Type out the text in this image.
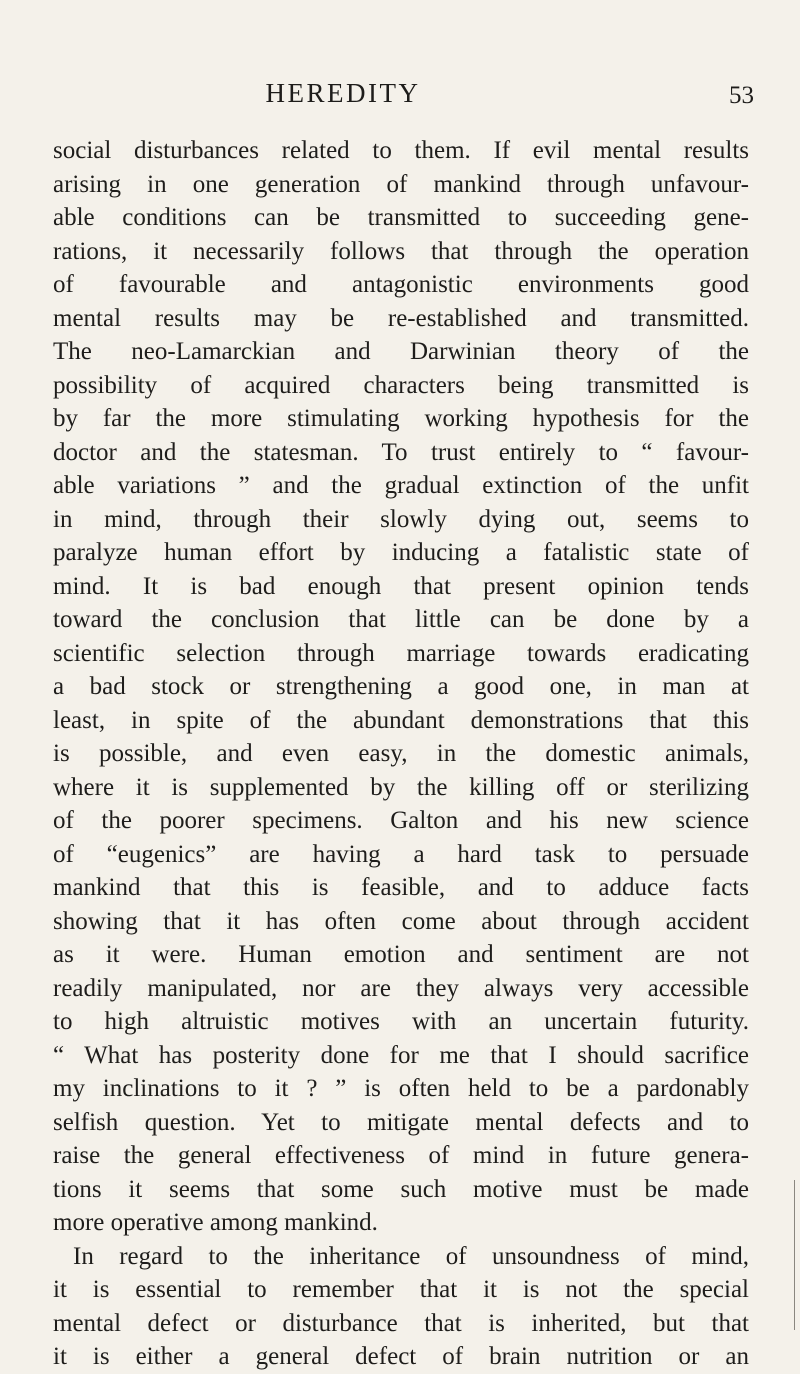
HEREDITY	53
social disturbances related to them. If evil mental results
arising in one generation of mankind through unfavour-
able conditions can be transmitted to succeeding gene-
rations, it necessarily follows that through the operation
of favourable and antagonistic environments good
mental results may be re-established and transmitted.
The neo-Lamarckian and Darwinian theory of the
possibility of acquired characters being transmitted is
by far the more stimulating working hypothesis for the
doctor and the statesman. To trust entirely to “ favour-
able variations ” and the gradual extinction of the unfit
in mind, through their slowly dying out, seems to
paralyze human effort by inducing a fatalistic state of
mind. It is bad enough that present opinion tends
toward the conclusion that little can be done by a
scientific selection through marriage towards eradicating
a bad stock or strengthening a good one, in man at
least, in spite of the abundant demonstrations that this
is possible, and even easy, in the domestic animals,
where it is supplemented by the killing off or sterilizing
of the poorer specimens. Galton and his new science
of “eugenics” are having a hard task to persuade
mankind that this is feasible, and to adduce facts
showing that it has often come about through accident
as it were. Human emotion and sentiment are not
readily manipulated, nor are they always very accessible
to high altruistic motives with an uncertain futurity.
“ What has posterity done for me that I should sacrifice
my inclinations to it ? ” is often held to be a pardonably
selfish question. Yet to mitigate mental defects and to
raise the general effectiveness of mind in future genera-
tions it seems that some such motive must be made
more operative among mankind.
In regard to the inheritance of unsoundness of mind,
it is essential to remember that it is not the special
mental defect or disturbance that is inherited, but that
it is either a general defect of brain nutrition or an
